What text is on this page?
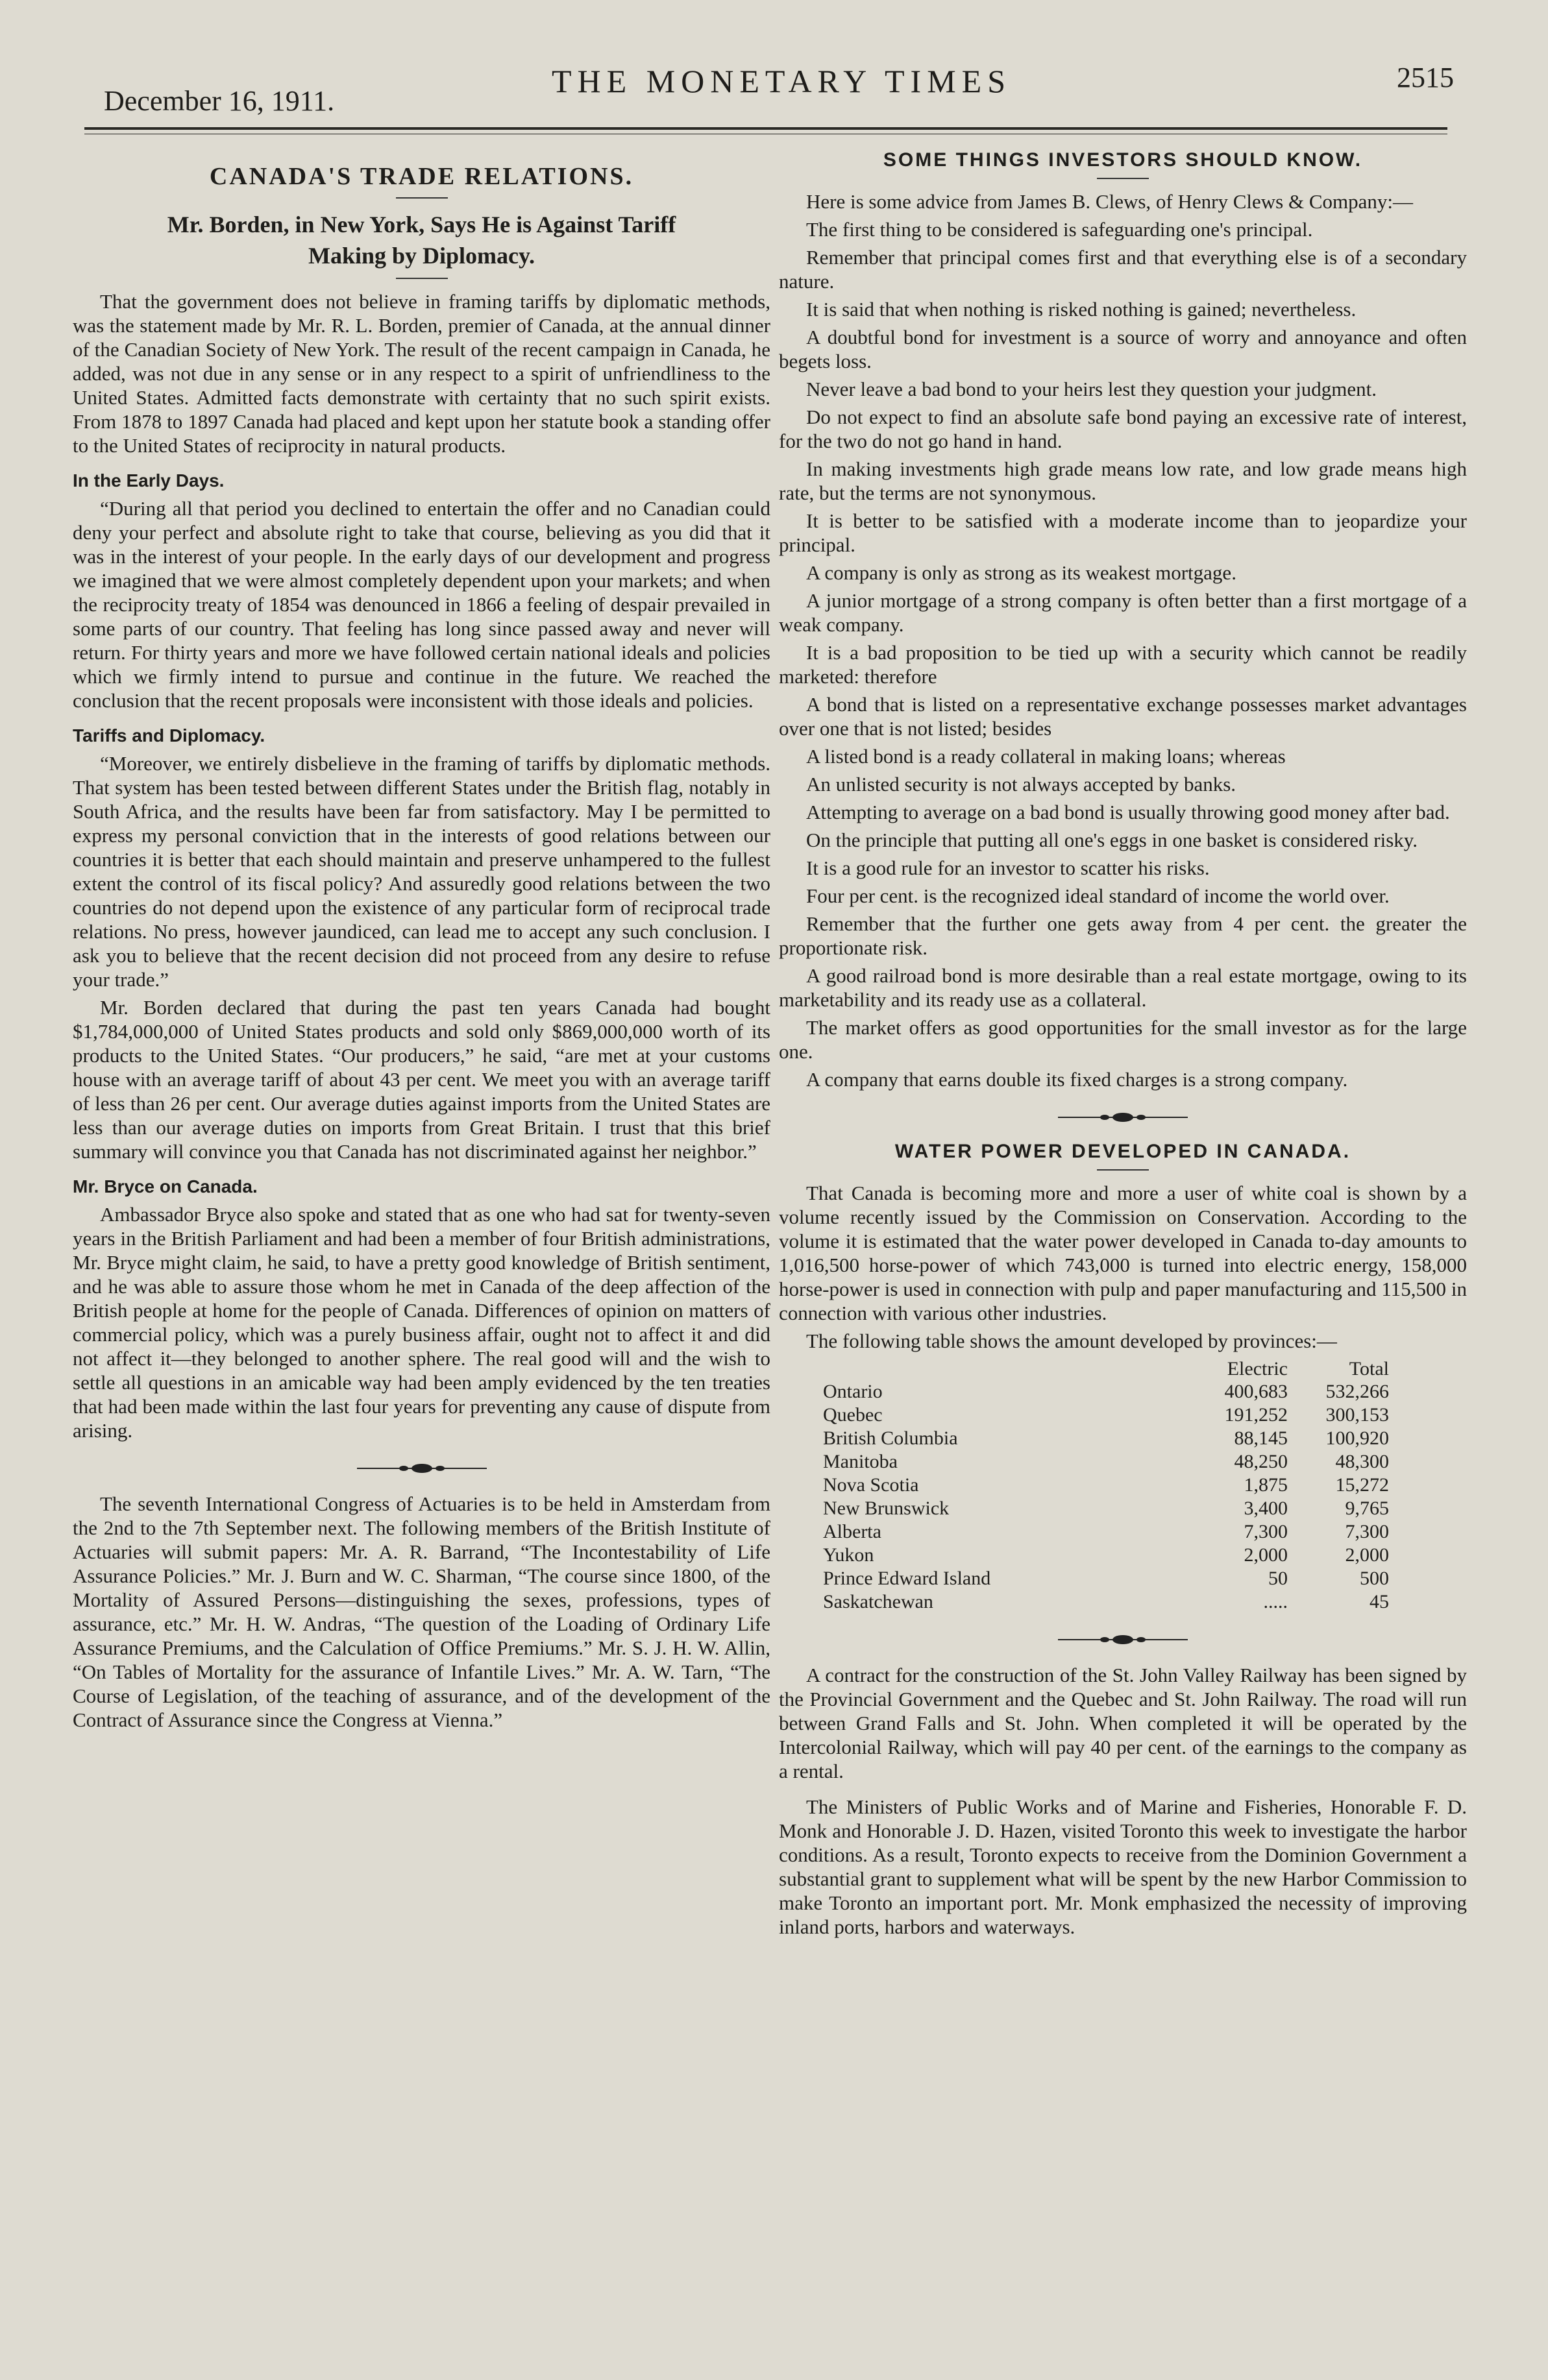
December 16, 1911.
THE MONETARY TIMES	2515
CANADA'S TRADE RELATIONS.
Mr. Borden, in New York, Says He is Against Tariff
Making by Diplomacy.

That the government does not believe in framing tariffs by diplomatic methods, was the statement made by Mr. R. L. Borden, premier of Canada, at the annual dinner of the Canadian Society of New York. The result of the recent campaign in Canada, he added, was not due in any sense or in any respect to a spirit of unfriendliness to the United States. Admitted facts demonstrate with certainty that no such spirit exists. From 1878 to 1897 Canada had placed and kept upon her statute book a standing offer to the United States of reciprocity in natural products.

In the Early Days.

“During all that period you declined to entertain the offer and no Canadian could deny your perfect and absolute right to take that course, believing as you did that it was in the interest of your people. In the early days of our development and progress we imagined that we were almost completely dependent upon your markets; and when the reciprocity treaty of 1854 was denounced in 1866 a feeling of despair prevailed in some parts of our country. That feeling has long since passed away and never will return. For thirty years and more we have followed certain national ideals and policies which we firmly intend to pursue and continue in the future. We reached the conclusion that the recent proposals were inconsistent with those ideals and policies.

Tariffs and Diplomacy.

“Moreover, we entirely disbelieve in the framing of tariffs by diplomatic methods. That system has been tested between different States under the British flag, notably in South Africa, and the results have been far from satisfactory. May I be permitted to express my personal conviction that in the interests of good relations between our countries it is better that each should maintain and preserve unhampered to the fullest extent the control of its fiscal policy? And assuredly good relations between the two countries do not depend upon the existence of any particular form of reciprocal trade relations. No press, however jaundiced, can lead me to accept any such conclusion. I ask you to believe that the recent decision did not proceed from any desire to refuse your trade.”

Mr. Borden declared that during the past ten years Canada had bought $1,784,000,000 of United States products and sold only $869,000,000 worth of its products to the United States. “Our producers,” he said, “are met at your customs house with an average tariff of about 43 per cent. We meet you with an average tariff of less than 26 per cent. Our average duties against imports from the United States are less than our average duties on imports from Great Britain. I trust that this brief summary will convince you that Canada has not discriminated against her neighbor.”

Mr. Bryce on Canada.

Ambassador Bryce also spoke and stated that as one who had sat for twenty-seven years in the British Parliament and had been a member of four British administrations, Mr. Bryce might claim, he said, to have a pretty good knowledge of British sentiment, and he was able to assure those whom he met in Canada of the deep affection of the British people at home for the people of Canada. Differences of opinion on matters of commercial policy, which was a purely business affair, ought not to affect it and did not affect it—they belonged to another sphere. The real good will and the wish to settle all questions in an amicable way had been amply evidenced by the ten treaties that had been made within the last four years for preventing any cause of dispute from arising.

The seventh International Congress of Actuaries is to be held in Amsterdam from the 2nd to the 7th September next. The following members of the British Institute of Actuaries will submit papers: Mr. A. R. Barrand, “The Incontestability of Life Assurance Policies.” Mr. J. Burn and W. C. Sharman, “The course since 1800, of the Mortality of Assured Persons—distinguishing the sexes, professions, types of assurance, etc.” Mr. H. W. Andras, “The question of the Loading of Ordinary Life Assurance Premiums, and the Calculation of Office Premiums.” Mr. S. J. H. W. Allin, “On Tables of Mortality for the assurance of Infantile Lives.” Mr. A. W. Tarn, “The Course of Legislation, of the teaching of assurance, and of the development of the Contract of Assurance since the Congress at Vienna.”

SOME THINGS INVESTORS SHOULD KNOW.

Here is some advice from James B. Clews, of Henry Clews & Company:—

The first thing to be considered is safeguarding one's principal.

Remember that principal comes first and that everything else is of a secondary nature.

It is said that when nothing is risked nothing is gained; nevertheless.

A doubtful bond for investment is a source of worry and annoyance and often begets loss.

Never leave a bad bond to your heirs lest they question your judgment.

Do not expect to find an absolute safe bond paying an excessive rate of interest, for the two do not go hand in hand.

In making investments high grade means low rate, and low grade means high rate, but the terms are not synonymous.

It is better to be satisfied with a moderate income than to jeopardize your principal.

A company is only as strong as its weakest mortgage.

A junior mortgage of a strong company is often better than a first mortgage of a weak company.

It is a bad proposition to be tied up with a security which cannot be readily marketed: therefore

A bond that is listed on a representative exchange possesses market advantages over one that is not listed; besides

A listed bond is a ready collateral in making loans; whereas

An unlisted security is not always accepted by banks.

Attempting to average on a bad bond is usually throwing good money after bad.

On the principle that putting all one's eggs in one basket is considered risky.

It is a good rule for an investor to scatter his risks.

Four per cent. is the recognized ideal standard of income the world over.

Remember that the further one gets away from 4 per cent. the greater the proportionate risk.

A good railroad bond is more desirable than a real estate mortgage, owing to its marketability and its ready use as a collateral.

The market offers as good opportunities for the small investor as for the large one.

A company that earns double its fixed charges is a strong company.

WATER POWER DEVELOPED IN CANADA.

That Canada is becoming more and more a user of white coal is shown by a volume recently issued by the Commission on Conservation. According to the volume it is estimated that the water power developed in Canada to-day amounts to 1,016,500 horse-power of which 743,000 is turned into electric energy, 158,000 horse-power is used in connection with pulp and paper manufacturing and 115,500 in connection with various other industries.

The following table shows the amount developed by provinces:—

	Electric	Total
Ontario	400,683	532,266
Quebec	191,252	300,153
British Columbia	88,145	100,920
Manitoba	48,250	48,300
Nova Scotia	1,875	15,272
New Brunswick	3,400	9,765
Alberta	7,300	7,300
Yukon	2,000	2,000
Prince Edward Island	50	500
Saskatchewan	.....	45

A contract for the construction of the St. John Valley Railway has been signed by the Provincial Government and the Quebec and St. John Railway. The road will run between Grand Falls and St. John. When completed it will be operated by the Intercolonial Railway, which will pay 40 per cent. of the earnings to the company as a rental.

The Ministers of Public Works and of Marine and Fisheries, Honorable F. D. Monk and Honorable J. D. Hazen, visited Toronto this week to investigate the harbor conditions. As a result, Toronto expects to receive from the Dominion Government a substantial grant to supplement what will be spent by the new Harbor Commission to make Toronto an important port. Mr. Monk emphasized the necessity of improving inland ports, harbors and waterways.
